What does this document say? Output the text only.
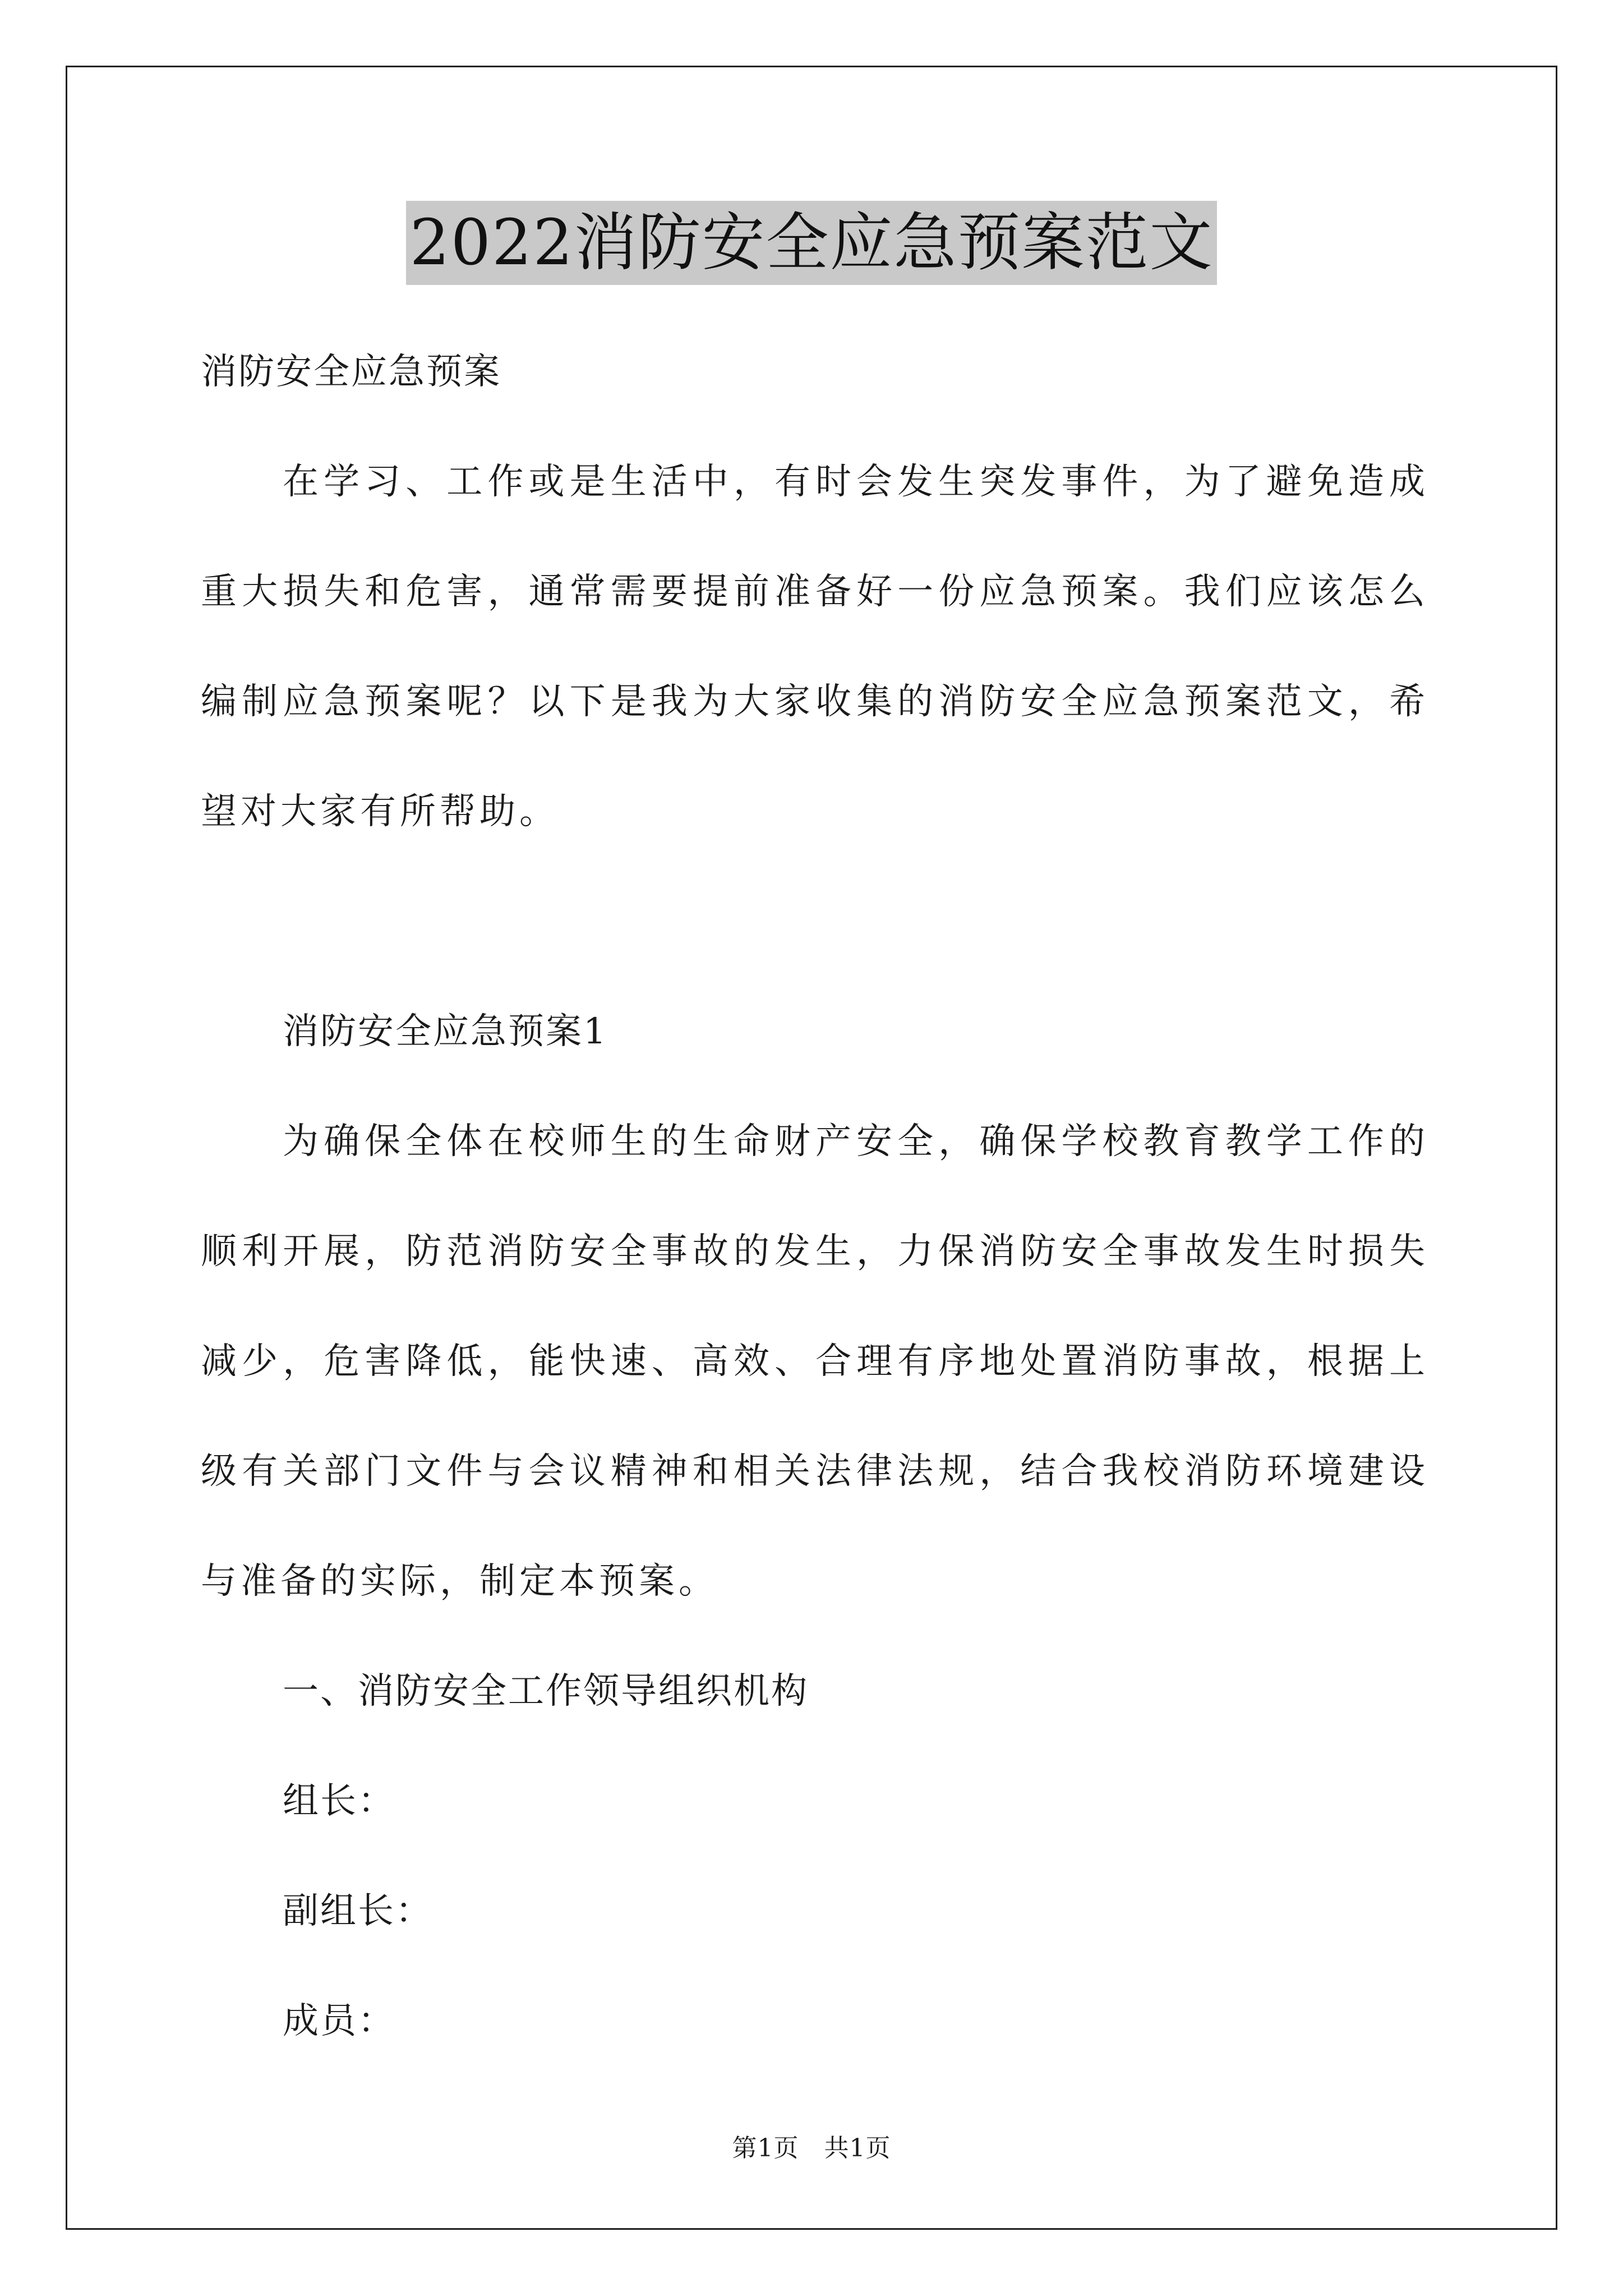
2022消防安全应急预案范文

消防安全应急预案

在学习、工作或是生活中，有时会发生突发事件，为了避免造成重大损失和危害，通常需要提前准备好一份应急预案。我们应该怎么编制应急预案呢？以下是我为大家收集的消防安全应急预案范文，希望对大家有所帮助。

消防安全应急预案1

为确保全体在校师生的生命财产安全，确保学校教育教学工作的顺利开展，防范消防安全事故的发生，力保消防安全事故发生时损失减少，危害降低，能快速、高效、合理有序地处置消防事故，根据上级有关部门文件与会议精神和相关法律法规，结合我校消防环境建设与准备的实际，制定本预案。

一、消防安全工作领导组织机构

组长：

副组长：

成员：

第1页　共1页
